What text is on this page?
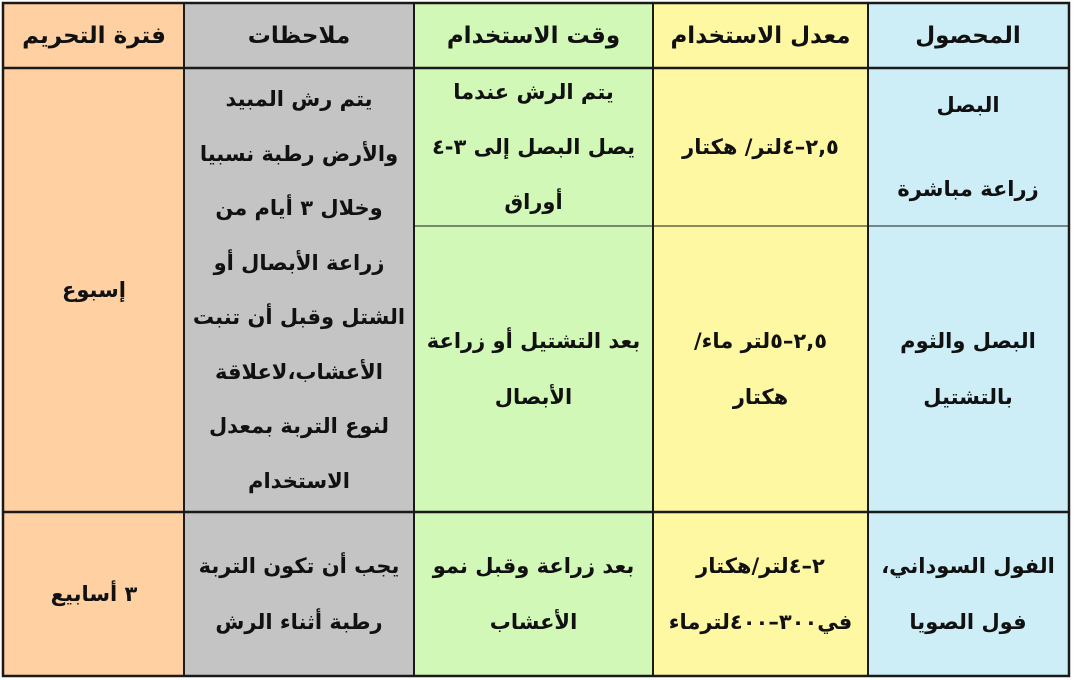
المحصول
معدل الاستخدام
وقت الاستخدام
ملاحظات
فترة التحريم
البصل
زراعة مباشرة
٢,٥–٤لتر/ هكتار
يتم الرش عندما
يصل البصل إلى ٣-٤
أوراق
البصل والثوم
بالتشتيل
٢,٥–٥لتر ماء/
هكتار
بعد التشتيل أو زراعة
الأبصال
يتم رش المبيد
والأرض رطبة نسبيا
وخلال ٣ أيام من
زراعة الأبصال أو
الشتل وقبل أن تنبت
الأعشاب،لاعلاقة
لنوع التربة بمعدل
الاستخدام
إسبوع
الفول السوداني،
فول الصويا
٢–٤لتر/هكتار
في٣٠٠–٤٠٠لترماء
بعد زراعة وقبل نمو
الأعشاب
يجب أن تكون التربة
رطبة أثناء الرش
٣ أسابيع
